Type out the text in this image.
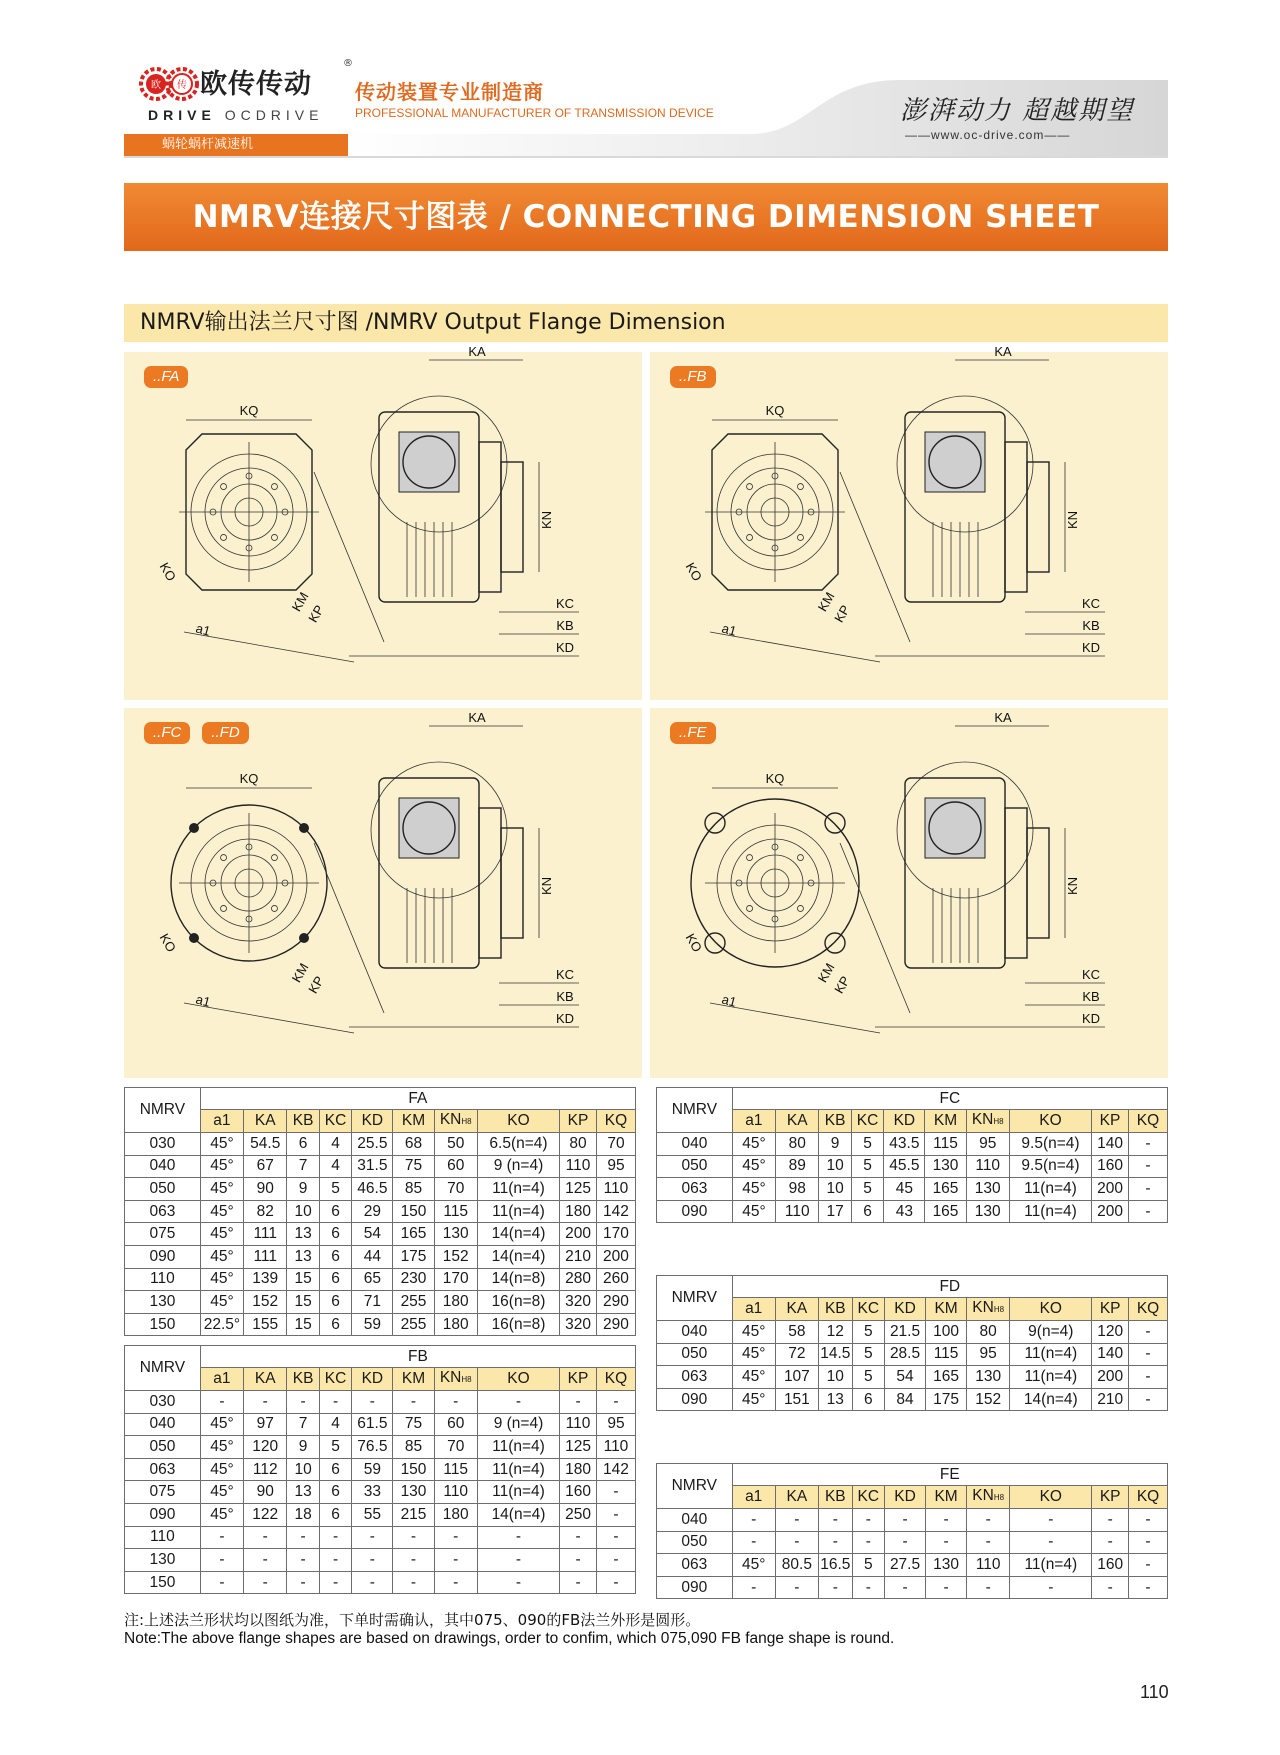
欧 传 欧传传动
®
DRIVE OCDRIVE
传动装置专业制造商
PROFESSIONAL MANUFACTURER OF TRANSMISSION DEVICE	澎湃动力 超越期望
——www.oc-drive.com——
蜗轮蜗杆减速机
NMRV连接尺寸图表 / CONNECTING DIMENSION SHEET
NMRV输出法兰尺寸图 /NMRV Output Flange Dimension
..FA
KQ
KO
KM
KP
a1
KA
KN
KC
KB
KD
..FB
KQ
KO
KM
KP
a1
KA
KN
KC
KB
KD
..FC	..FD
KQ
KO
KM
KP
a1
KA
KN
KC
KB
KD
..FE
KQ
KO
KM
KP
a1
KA
KN
KC
KB
KD
NMRV	FA									
	a1	KA	KB	KC	KD	KM	KNH8	KO	KP	KQ
030	45°	54.5	6	4	25.5	68	50	6.5(n=4)	80	70
040	45°	67	7	4	31.5	75	60	9 (n=4)	110	95
050	45°	90	9	5	46.5	85	70	11(n=4)	125	110
063	45°	82	10	6	29	150	115	11(n=4)	180	142
075	45°	111	13	6	54	165	130	14(n=4)	200	170
090	45°	111	13	6	44	175	152	14(n=4)	210	200
110	45°	139	15	6	65	230	170	14(n=8)	280	260
130	45°	152	15	6	71	255	180	16(n=8)	320	290
150	22.5°	155	15	6	59	255	180	16(n=8)	320	290
NMRV	FB									
	a1	KA	KB	KC	KD	KM	KNH8	KO	KP	KQ
030	-	-	-	-	-	-	-	-	-	-
040	45°	97	7	4	61.5	75	60	9 (n=4)	110	95
050	45°	120	9	5	76.5	85	70	11(n=4)	125	110
063	45°	112	10	6	59	150	115	11(n=4)	180	142
075	45°	90	13	6	33	130	110	11(n=4)	160	-
090	45°	122	18	6	55	215	180	14(n=4)	250	-
110	-	-	-	-	-	-	-	-	-	-
130	-	-	-	-	-	-	-	-	-	-
150	-	-	-	-	-	-	-	-	-	-
NMRV	FC									
	a1	KA	KB	KC	KD	KM	KNH8	KO	KP	KQ
040	45°	80	9	5	43.5	115	95	9.5(n=4)	140	-
050	45°	89	10	5	45.5	130	110	9.5(n=4)	160	-
063	45°	98	10	5	45	165	130	11(n=4)	200	-
090	45°	110	17	6	43	165	130	11(n=4)	200	-
NMRV	FD									
	a1	KA	KB	KC	KD	KM	KNH8	KO	KP	KQ
040	45°	58	12	5	21.5	100	80	9(n=4)	120	-
050	45°	72	14.5	5	28.5	115	95	11(n=4)	140	-
063	45°	107	10	5	54	165	130	11(n=4)	200	-
090	45°	151	13	6	84	175	152	14(n=4)	210	-
NMRV	FE									
	a1	KA	KB	KC	KD	KM	KNH8	KO	KP	KQ
040	-	-	-	-	-	-	-	-	-	-
050	-	-	-	-	-	-	-	-	-	-
063	45°	80.5	16.5	5	27.5	130	110	11(n=4)	160	-
090	-	-	-	-	-	-	-	-	-	-
注:上述法兰形状均以图纸为准，下单时需确认，其中075、090的FB法兰外形是圆形。
Note:The above flange shapes are based on drawings, order to confim, which 075,090 FB fange shape is round.
110
